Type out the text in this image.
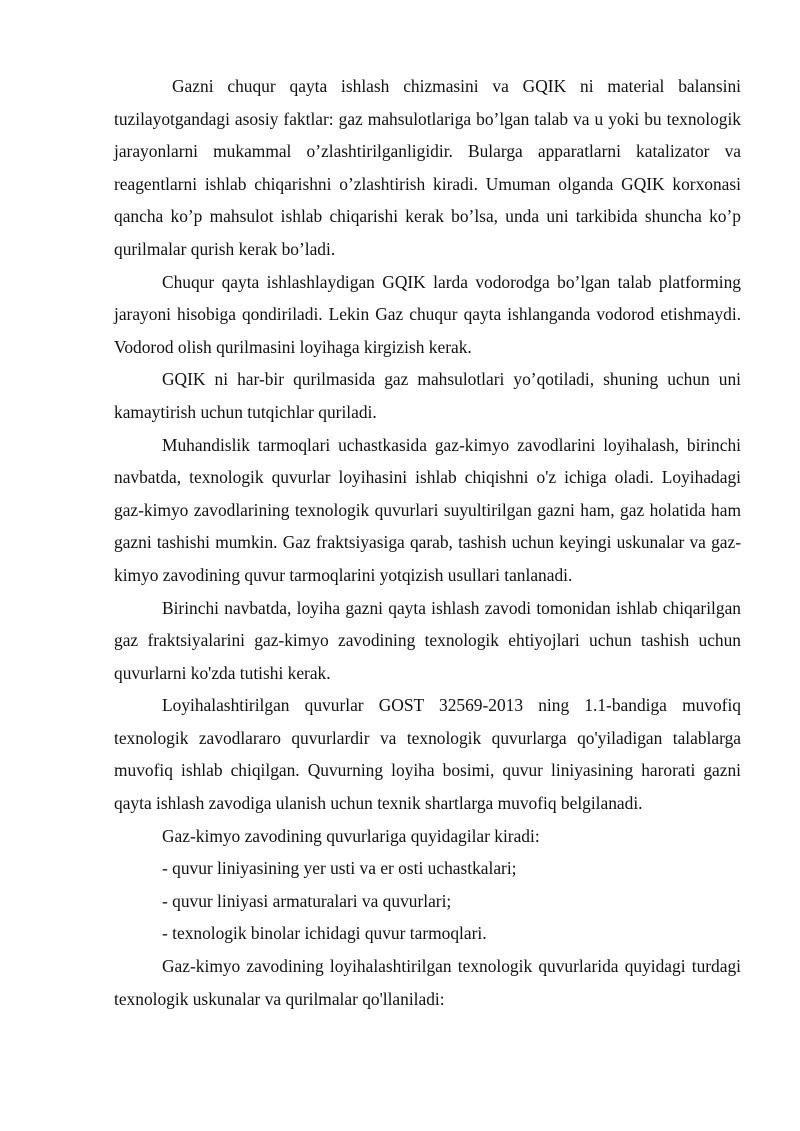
Gazni chuqur qayta ishlash chizmasini va GQIK ni material balansini tuzilayotgandagi asosiy faktlar: gaz mahsulotlariga bo’lgan talab va u yoki bu texnologik jarayonlarni mukammal o’zlashtirilganligidir. Bularga apparatlarni katalizator va reagentlarni ishlab chiqarishni o’zlashtirish kiradi. Umuman olganda GQIK korxonasi qancha ko’p mahsulot ishlab chiqarishi kerak bo’lsa, unda uni tarkibida shuncha ko’p qurilmalar qurish kerak bo’ladi.

Chuqur qayta ishlashlaydigan GQIK larda vodorodga bo’lgan talab platforming jarayoni hisobiga qondiriladi. Lekin Gaz chuqur qayta ishlanganda vodorod etishmaydi. Vodorod olish qurilmasini loyihaga kirgizish kerak.

GQIK ni har-bir qurilmasida gaz mahsulotlari yo’qotiladi, shuning uchun uni kamaytirish uchun tutqichlar quriladi.

Muhandislik tarmoqlari uchastkasida gaz-kimyo zavodlarini loyihalash, birinchi navbatda, texnologik quvurlar loyihasini ishlab chiqishni o'z ichiga oladi. Loyihadagi gaz-kimyo zavodlarining texnologik quvurlari suyultirilgan gazni ham, gaz holatida ham gazni tashishi mumkin. Gaz fraktsiyasiga qarab, tashish uchun keyingi uskunalar va gaz-kimyo zavodining quvur tarmoqlarini yotqizish usullari tanlanadi.

Birinchi navbatda, loyiha gazni qayta ishlash zavodi tomonidan ishlab chiqarilgan gaz fraktsiyalarini gaz-kimyo zavodining texnologik ehtiyojlari uchun tashish uchun quvurlarni ko'zda tutishi kerak.

Loyihalashtirilgan quvurlar GOST 32569-2013 ning 1.1-bandiga muvofiq texnologik zavodlararo quvurlardir va texnologik quvurlarga qo'yiladigan talablarga muvofiq ishlab chiqilgan. Quvurning loyiha bosimi, quvur liniyasining harorati gazni qayta ishlash zavodiga ulanish uchun texnik shartlarga muvofiq belgilanadi.

Gaz-kimyo zavodining quvurlariga quyidagilar kiradi:

- quvur liniyasining yer usti va er osti uchastkalari;

- quvur liniyasi armaturalari va quvurlari;

- texnologik binolar ichidagi quvur tarmoqlari.

Gaz-kimyo zavodining loyihalashtirilgan texnologik quvurlarida quyidagi turdagi texnologik uskunalar va qurilmalar qo'llaniladi:
